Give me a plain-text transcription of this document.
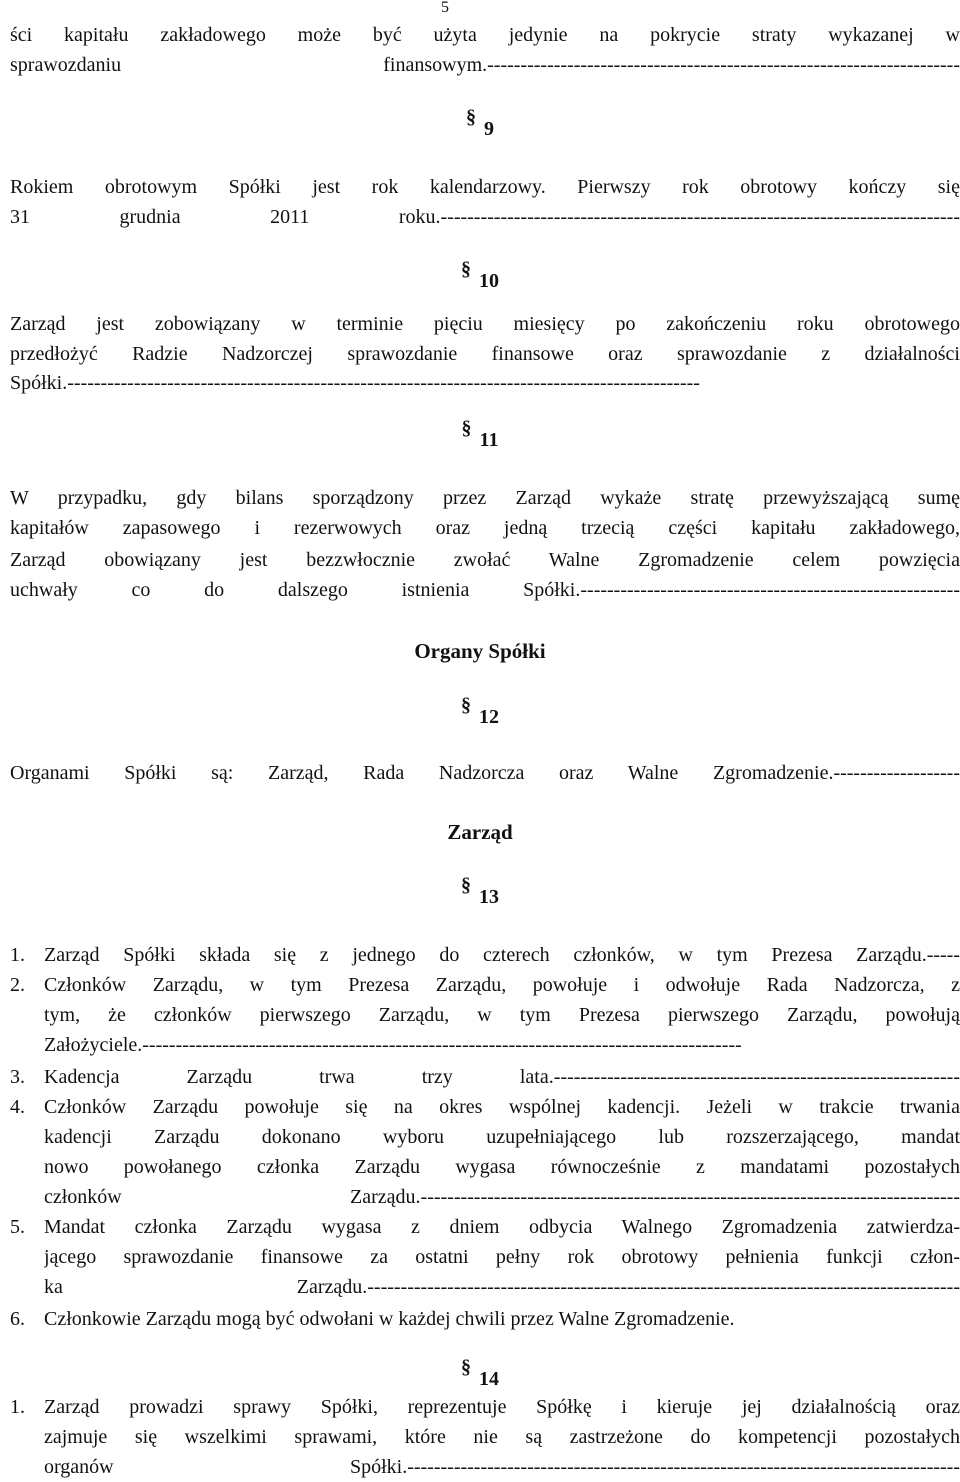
5
ści kapitału zakładowego może być użyta jedynie na pokrycie straty wykazanej w
sprawozdaniu finansowym.-----------------------------------------------------------------------
§9
Rokiem obrotowym Spółki jest rok kalendarzowy. Pierwszy rok obrotowy kończy się
31 grudnia 2011 roku.------------------------------------------------------------------------------
§10
Zarząd jest zobowiązany w terminie pięciu miesięcy po zakończeniu roku obrotowego
przedłożyć Radzie Nadzorczej sprawozdanie finansowe oraz sprawozdanie z działalności
Spółki.-----------------------------------------------------------------------------------------------
§11
W przypadku, gdy bilans sporządzony przez Zarząd wykaże stratę przewyższającą sumę
kapitałów zapasowego i rezerwowych oraz jedną trzecią części kapitału zakładowego,
Zarząd obowiązany jest bezzwłocznie zwołać Walne Zgromadzenie celem powzięcia
uchwały co do dalszego istnienia Spółki.---------------------------------------------------------
Organy Spółki
§12
Organami Spółki są: Zarząd, Rada Nadzorcza oraz Walne Zgromadzenie.-------------------
Zarząd
§13
1. Zarząd Spółki składa się z jednego do czterech członków, w tym Prezesa Zarządu.-----
2. Członków Zarządu, w tym Prezesa Zarządu, powołuje i odwołuje Rada Nadzorcza, z
tym, że członków pierwszego Zarządu, w tym Prezesa pierwszego Zarządu, powołują
Założyciele.------------------------------------------------------------------------------------------
3. Kadencja Zarządu trwa trzy lata.-------------------------------------------------------------
4. Członków Zarządu powołuje się na okres wspólnej kadencji. Jeżeli w trakcie trwania
kadencji Zarządu dokonano wyboru uzupełniającego lub rozszerzającego, mandat
nowo powołanego członka Zarządu wygasa równocześnie z mandatami pozostałych
członków Zarządu.---------------------------------------------------------------------------------
5. Mandat członka Zarządu wygasa z dniem odbycia Walnego Zgromadzenia zatwierdza-
jącego sprawozdanie finansowe za ostatni pełny rok obrotowy pełnienia funkcji człon-
ka Zarządu.-----------------------------------------------------------------------------------------
6. Członkowie Zarządu mogą być odwołani w każdej chwili przez Walne Zgromadzenie.
§14
1. Zarząd prowadzi sprawy Spółki, reprezentuje Spółkę i kieruje jej działalnością oraz
zajmuje się wszelkimi sprawami, które nie są zastrzeżone do kompetencji pozostałych
organów Spółki.-----------------------------------------------------------------------------------
